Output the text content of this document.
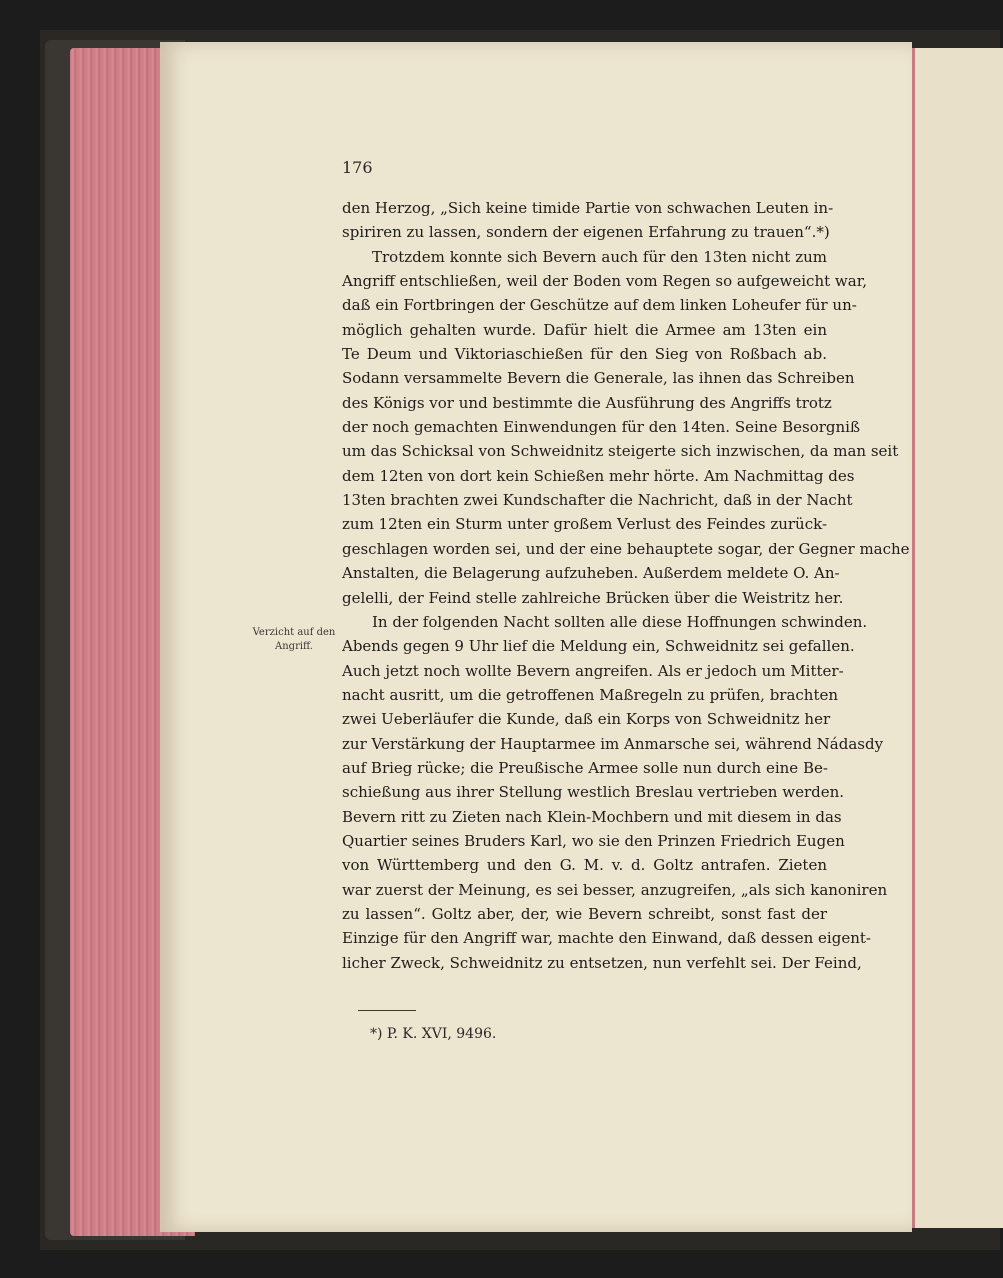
176
Verzicht auf den Angriff.
den Herzog, „Sich keine timide Partie von schwachen Leuten in-
spiriren zu lassen, sondern der eigenen Erfahrung zu trauen“.*)
Trotzdem konnte sich Bevern auch für den 13ten nicht zum
Angriff entschließen, weil der Boden vom Regen so aufgeweicht war,
daß ein Fortbringen der Geschütze auf dem linken Loheufer für un-
möglich gehalten wurde. Dafür hielt die Armee am 13ten ein
Te Deum und Viktoriaschießen für den Sieg von Roßbach ab.
Sodann versammelte Bevern die Generale, las ihnen das Schreiben
des Königs vor und bestimmte die Ausführung des Angriffs trotz
der noch gemachten Einwendungen für den 14ten. Seine Besorgniß
um das Schicksal von Schweidnitz steigerte sich inzwischen, da man seit
dem 12ten von dort kein Schießen mehr hörte. Am Nachmittag des
13ten brachten zwei Kundschafter die Nachricht, daß in der Nacht
zum 12ten ein Sturm unter großem Verlust des Feindes zurück-
geschlagen worden sei, und der eine behauptete sogar, der Gegner mache
Anstalten, die Belagerung aufzuheben. Außerdem meldete O. An-
gelelli, der Feind stelle zahlreiche Brücken über die Weistritz her.
In der folgenden Nacht sollten alle diese Hoffnungen schwinden.
Abends gegen 9 Uhr lief die Meldung ein, Schweidnitz sei gefallen.
Auch jetzt noch wollte Bevern angreifen. Als er jedoch um Mitter-
nacht ausritt, um die getroffenen Maßregeln zu prüfen, brachten
zwei Ueberläufer die Kunde, daß ein Korps von Schweidnitz her
zur Verstärkung der Hauptarmee im Anmarsche sei, während Nádasdy
auf Brieg rücke; die Preußische Armee solle nun durch eine Be-
schießung aus ihrer Stellung westlich Breslau vertrieben werden.
Bevern ritt zu Zieten nach Klein-Mochbern und mit diesem in das
Quartier seines Bruders Karl, wo sie den Prinzen Friedrich Eugen
von Württemberg und den G. M. v. d. Goltz antrafen. Zieten
war zuerst der Meinung, es sei besser, anzugreifen, „als sich kanoniren
zu lassen“. Goltz aber, der, wie Bevern schreibt, sonst fast der
Einzige für den Angriff war, machte den Einwand, daß dessen eigent-
licher Zweck, Schweidnitz zu entsetzen, nun verfehlt sei. Der Feind,
*) P. K. XVI, 9496.
